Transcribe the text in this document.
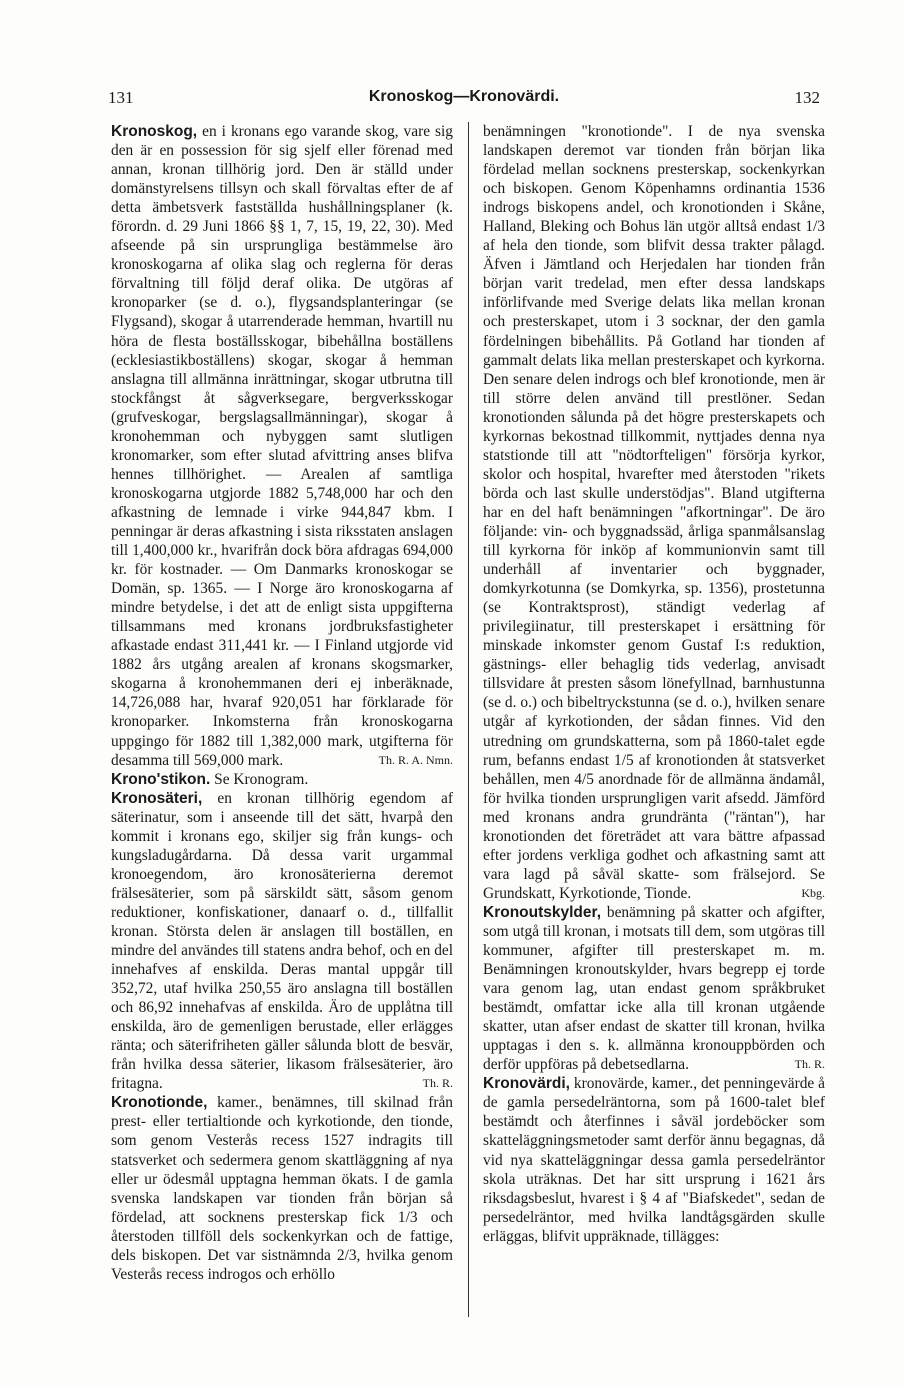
131	Kronoskog—Kronovärdi.	132

Kronoskog, en i kronans ego varande skog, vare sig den är en possession för sig sjelf eller förenad med annan, kronan tillhörig jord. Den är ställd under domänstyrelsens tillsyn och skall förvaltas efter de af detta ämbetsverk fastställda hushållningsplaner (k. förordn. d. 29 Juni 1866 §§ 1, 7, 15, 19, 22, 30). Med afseende på sin ursprungliga bestämmelse äro kronoskogarna af olika slag och reglerna för deras förvaltning till följd deraf olika. De utgöras af kronoparker (se d. o.), flygsandsplanteringar (se Flygsand), skogar å utarrenderade hemman, hvartill nu höra de flesta boställsskogar, bibehållna boställens (ecklesiastikboställens) skogar, skogar å hemman anslagna till allmänna inrättningar, skogar utbrutna till stockfångst åt sågverksegare, bergverksskogar (grufveskogar, bergslagsallmänningar), skogar å kronohemman och nybyggen samt slutligen kronomarker, som efter slutad afvittring anses blifva hennes tillhörighet. — Arealen af samtliga kronoskogarna utgjorde 1882 5,748,000 har och den afkastning de lemnade i virke 944,847 kbm. I penningar är deras afkastning i sista riksstaten anslagen till 1,400,000 kr., hvarifrån dock böra afdragas 694,000 kr. för kostnader. — Om Danmarks kronoskogar se Domän, sp. 1365. — I Norge äro kronoskogarna af mindre betydelse, i det att de enligt sista uppgifterna tillsammans med kronans jordbruksfastigheter afkastade endast 311,441 kr. — I Finland utgjorde vid 1882 års utgång arealen af kronans skogsmarker, skogarna å kronohemmanen deri ej inberäknade, 14,726,088 har, hvaraf 920,051 har förklarade för kronoparker. Inkomsterna från kronoskogarna uppgingo för 1882 till 1,382,000 mark, utgifterna för desamma till 569,000 mark.	Th. R. A. Nmn.

Krono'stikon. Se Kronogram.

Kronosäteri, en kronan tillhörig egendom af säterinatur, som i anseende till det sätt, hvarpå den kommit i kronans ego, skiljer sig från kungs- och kungsladugårdarna. Då dessa varit urgammal kronoegendom, äro kronosäterierna deremot frälsesäterier, som på särskildt sätt, såsom genom reduktioner, konfiskationer, danaarf o. d., tillfallit kronan. Största delen är anslagen till boställen, en mindre del användes till statens andra behof, och en del innehafves af enskilda. Deras mantal uppgår till 352,72, utaf hvilka 250,55 äro anslagna till boställen och 86,92 innehafvas af enskilda. Äro de upplåtna till enskilda, äro de gemenligen berustade, eller erlägges ränta; och säterifriheten gäller sålunda blott de besvär, från hvilka dessa säterier, likasom frälsesäterier, äro fritagna.	Th. R.

Kronotionde, kamer., benämnes, till skilnad från prest- eller tertialtionde och kyrkotionde, den tionde, som genom Vesterås recess 1527 indragits till statsverket och sedermera genom skattläggning af nya eller ur ödesmål upptagna hemman ökats. I de gamla svenska landskapen var tionden från början så fördelad, att socknens presterskap fick 1/3 och återstoden tillföll dels sockenkyrkan och de fattige, dels biskopen. Det var sistnämnda 2/3, hvilka genom Vesterås recess indrogos och erhöllo

benämningen "kronotionde". I de nya svenska landskapen deremot var tionden från början lika fördelad mellan socknens presterskap, sockenkyrkan och biskopen. Genom Köpenhamns ordinantia 1536 indrogs biskopens andel, och kronotionden i Skåne, Halland, Bleking och Bohus län utgör alltså endast 1/3 af hela den tionde, som blifvit dessa trakter pålagd. Äfven i Jämtland och Herjedalen har tionden från början varit tredelad, men efter dessa landskaps införlifvande med Sverige delats lika mellan kronan och presterskapet, utom i 3 socknar, der den gamla fördelningen bibehållits. På Gotland har tionden af gammalt delats lika mellan presterskapet och kyrkorna. Den senare delen indrogs och blef kronotionde, men är till större delen använd till prestlöner. Sedan kronotionden sålunda på det högre presterskapets och kyrkornas bekostnad tillkommit, nyttjades denna nya statstionde till att "nödtorfteligen" försörja kyrkor, skolor och hospital, hvarefter med återstoden "rikets börda och last skulle understödjas". Bland utgifterna har en del haft benämningen "afkortningar". De äro följande: vin- och byggnadssäd, årliga spanmålsanslag till kyrkorna för inköp af kommunionvin samt till underhåll af inventarier och byggnader, domkyrkotunna (se Domkyrka, sp. 1356), prostetunna (se Kontraktsprost), ständigt vederlag af privilegiinatur, till presterskapet i ersättning för minskade inkomster genom Gustaf I:s reduktion, gästnings- eller behaglig tids vederlag, anvisadt tillsvidare åt presten såsom lönefyllnad, barnhustunna (se d. o.) och bibeltryckstunna (se d. o.), hvilken senare utgår af kyrkotionden, der sådan finnes. Vid den utredning om grundskatterna, som på 1860-talet egde rum, befanns endast 1/5 af kronotionden åt statsverket behållen, men 4/5 anordnade för de allmänna ändamål, för hvilka tionden ursprungligen varit afsedd. Jämförd med kronans andra grundränta ("räntan"), har kronotionden det företrädet att vara bättre afpassad efter jordens verkliga godhet och afkastning samt att vara lagd på såväl skatte- som frälsejord. Se Grundskatt, Kyrkotionde, Tionde.	Kbg.

Kronoutskylder, benämning på skatter och afgifter, som utgå till kronan, i motsats till dem, som utgöras till kommuner, afgifter till presterskapet m. m. Benämningen kronoutskylder, hvars begrepp ej torde vara genom lag, utan endast genom språkbruket bestämdt, omfattar icke alla till kronan utgående skatter, utan afser endast de skatter till kronan, hvilka upptagas i den s. k. allmänna kronouppbörden och derför uppföras på debetsedlarna.	Th. R.

Kronovärdi, kronovärde, kamer., det penningevärde å de gamla persedelräntorna, som på 1600-talet blef bestämdt och återfinnes i såväl jordeböcker som skatteläggningsmetoder samt derför ännu begagnas, då vid nya skatteläggningar dessa gamla persedelräntor skola uträknas. Det har sitt ursprung i 1621 års riksdagsbeslut, hvarest i § 4 af "Biafskedet", sedan de persedelräntor, med hvilka landtågsgärden skulle erläggas, blifvit uppräknade, tillägges:
